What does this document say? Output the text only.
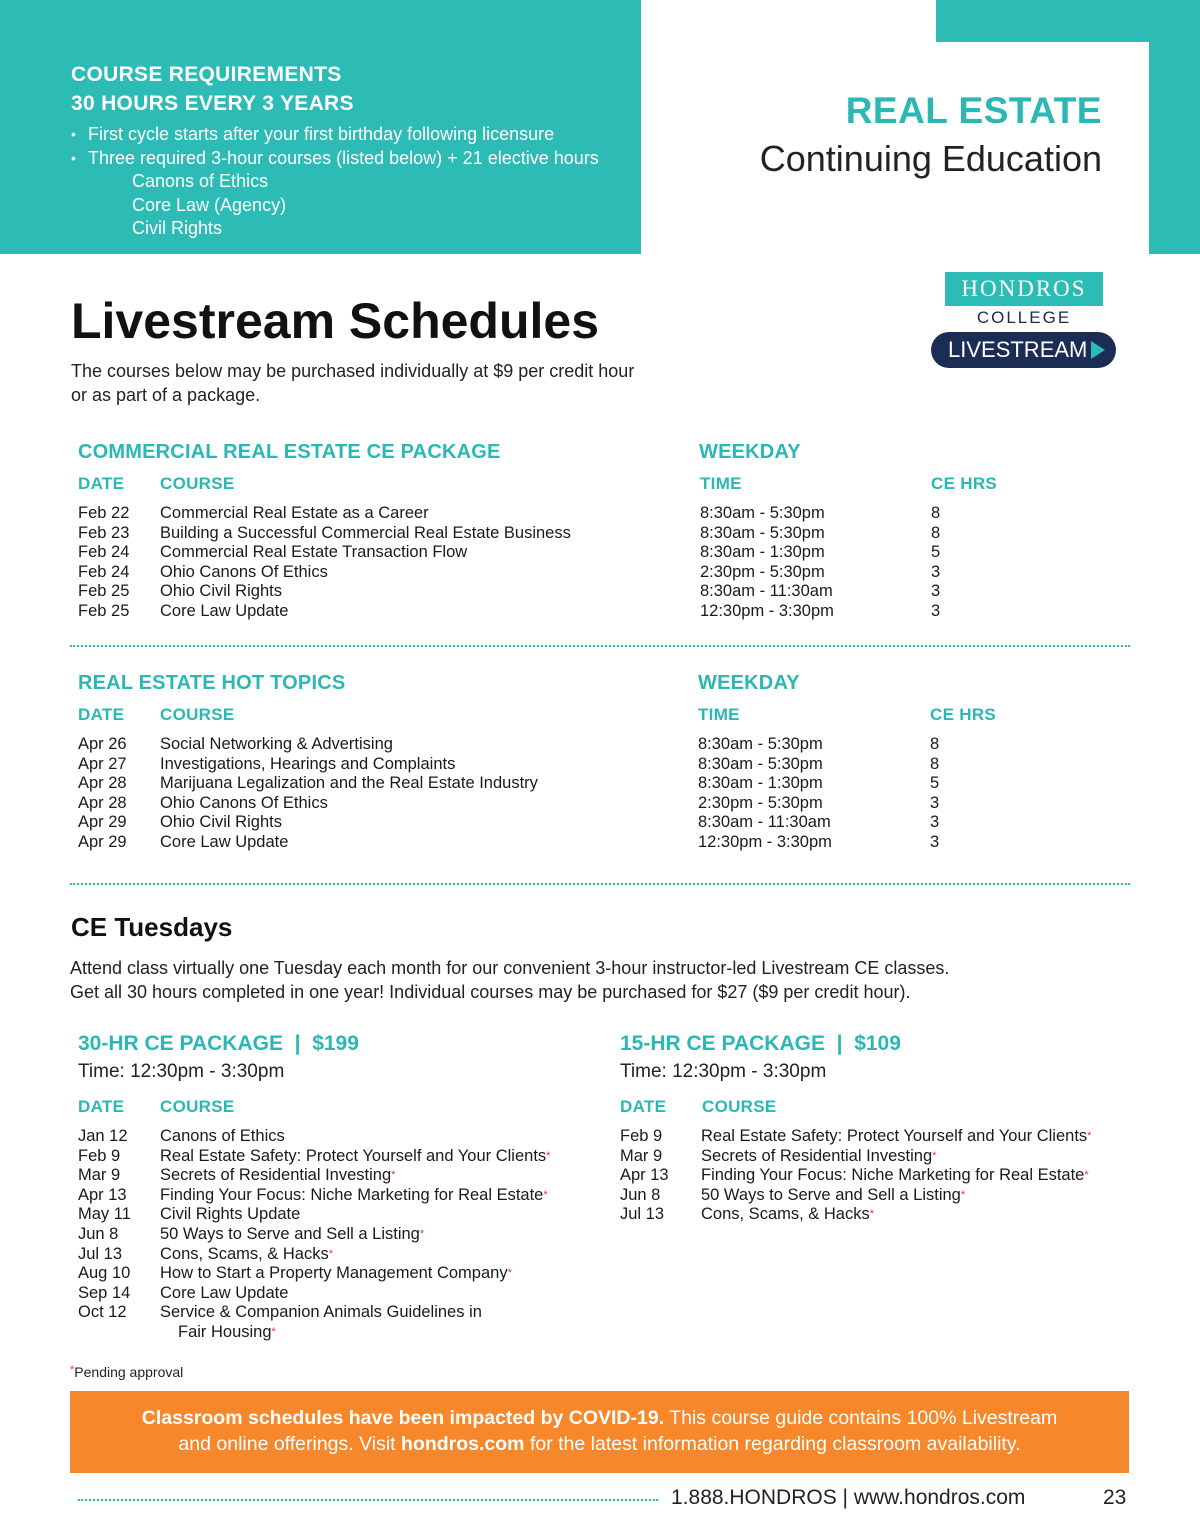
COURSE REQUIREMENTS
30 HOURS EVERY 3 YEARS
• First cycle starts after your first birthday following licensure
• Three required 3-hour courses (listed below) + 21 elective hours
Canons of Ethics
Core Law (Agency)
Civil Rights
REAL ESTATE
Continuing Education
HONDROS
COLLEGE
LIVESTREAM
Livestream Schedules
The courses below may be purchased individually at $9 per credit hour
or as part of a package.
COMMERCIAL REAL ESTATE CE PACKAGE	WEEKDAY
DATE COURSE	TIME	CE HRS
Feb 22 Commercial Real Estate as a Career	8:30am - 5:30pm	8
Feb 23 Building a Successful Commercial Real Estate Business	8:30am - 5:30pm	8
Feb 24 Commercial Real Estate Transaction Flow	8:30am - 1:30pm	5
Feb 24 Ohio Canons Of Ethics	2:30pm - 5:30pm	3
Feb 25 Ohio Civil Rights	8:30am - 11:30am	3
Feb 25 Core Law Update	12:30pm - 3:30pm	3
REAL ESTATE HOT TOPICS	WEEKDAY
DATE COURSE	TIME	CE HRS
Apr 26 Social Networking & Advertising	8:30am - 5:30pm	8
Apr 27 Investigations, Hearings and Complaints	8:30am - 5:30pm	8
Apr 28 Marijuana Legalization and the Real Estate Industry	8:30am - 1:30pm	5
Apr 28 Ohio Canons Of Ethics	2:30pm - 5:30pm	3
Apr 29 Ohio Civil Rights	8:30am - 11:30am	3
Apr 29 Core Law Update	12:30pm - 3:30pm	3
CE Tuesdays
Attend class virtually one Tuesday each month for our convenient 3-hour instructor-led Livestream CE classes.
Get all 30 hours completed in one year! Individual courses may be purchased for $27 ($9 per credit hour).
30-HR CE PACKAGE  |  $199
Time: 12:30pm - 3:30pm
DATE COURSE
Jan 12 Canons of Ethics
Feb 9 Real Estate Safety: Protect Yourself and Your Clients*
Mar 9 Secrets of Residential Investing*
Apr 13 Finding Your Focus: Niche Marketing for Real Estate*
May 11 Civil Rights Update
Jun 8	50 Ways to Serve and Sell a Listing*
Jul 13 Cons, Scams, & Hacks*
Aug 10 How to Start a Property Management Company*
Sep 14 Core Law Update
Oct 12 Service & Companion Animals Guidelines in
Fair Housing*
15-HR CE PACKAGE  |  $109
Time: 12:30pm - 3:30pm
DATE COURSE
Feb 9 Real Estate Safety: Protect Yourself and Your Clients*
Mar 9 Secrets of Residential Investing*
Apr 13 Finding Your Focus: Niche Marketing for Real Estate*
Jun 8 50 Ways to Serve and Sell a Listing*
Jul 13 Cons, Scams, & Hacks*
*Pending approval
Classroom schedules have been impacted by COVID-19. This course guide contains 100% Livestream
and online offerings. Visit hondros.com for the latest information regarding classroom availability.
1.888.HONDROS | www.hondros.com	23
